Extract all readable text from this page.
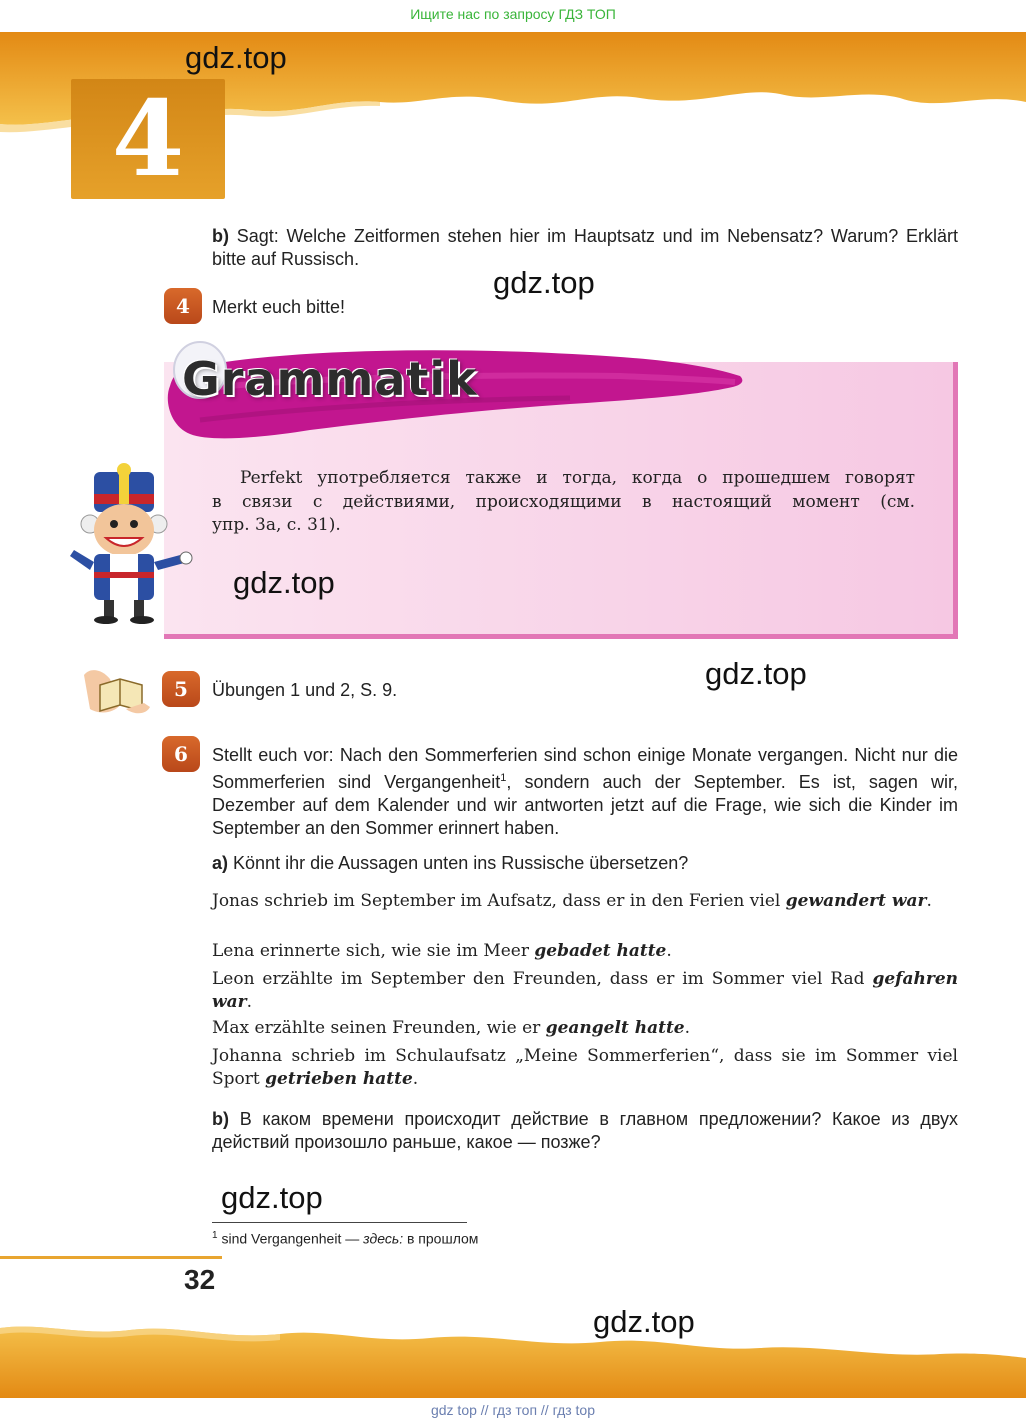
Ищите нас по запросу ГДЗ ТОП
gdz.top
4
b) Sagt: Welche Zeitformen stehen hier im Hauptsatz und im Nebensatz? Warum? Erklärt bitte auf Russisch.
gdz.top
4	Merkt euch bitte!
Grammatik
Perfekt употребляется также и тогда, когда о прошедшем говорят
в связи с действиями, происходящими в настоящий момент (см.
упр. 3a, с. 31).
gdz.top
5	Übungen 1 und 2, S. 9.	gdz.top
6	Stellt euch vor: Nach den Sommerferien sind schon einige Monate vergangen. Nicht nur die Sommerferien sind Vergangenheit$^1$, sondern auch der September. Es ist, sagen wir, Dezember auf dem Kalender und wir antworten jetzt auf die Frage, wie sich die Kinder im September an den Sommer erinnert haben.
a) Könnt ihr die Aussagen unten ins Russische übersetzen?
Jonas schrieb im September im Aufsatz, dass er in den Ferien viel gewandert war.
Lena erinnerte sich, wie sie im Meer gebadet hatte.
Leon erzählte im September den Freunden, dass er im Sommer viel Rad gefahren war.
Max erzählte seinen Freunden, wie er geangelt hatte.
Johanna schrieb im Schulaufsatz „Meine Sommerferien“, dass sie im Sommer viel Sport getrieben hatte.
b) В каком времени происходит действие в главном предложении? Какое из двух действий произошло раньше, какое — позже?
gdz.top
$^1$ sind Vergangenheit — здесь: в прошлом
32
gdz.top
gdz top // гдз топ // гдз top
